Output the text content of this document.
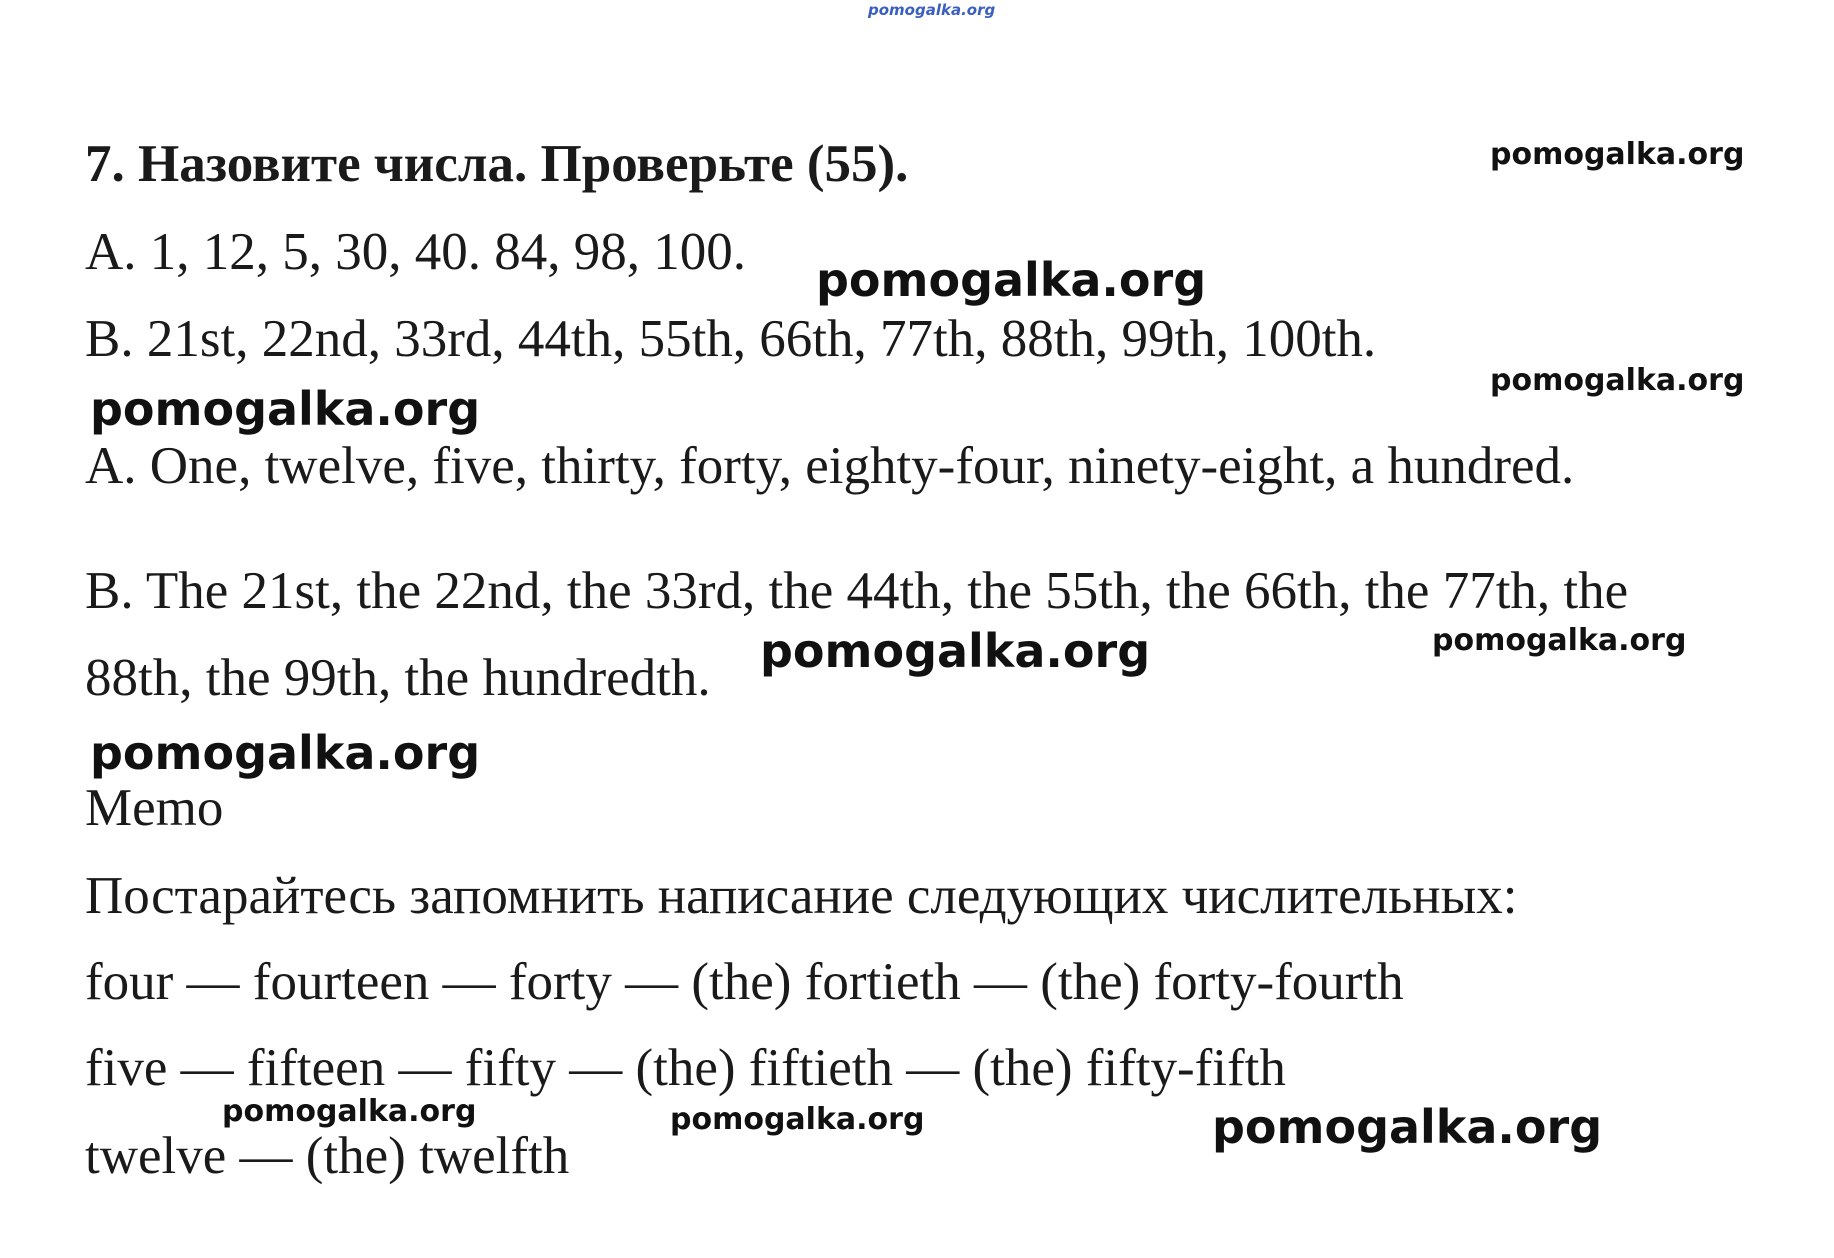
pomogalka.org
pomogalka.org
pomogalka.org
pomogalka.org
pomogalka.org
pomogalka.org	pomogalka.org
pomogalka.org
pomogalka.org	pomogalka.org	pomogalka.org
7. Назовите числа. Проверьте (55).
A. 1, 12, 5, 30, 40. 84, 98, 100.
B. 21st, 22nd, 33rd, 44th, 55th, 66th, 77th, 88th, 99th, 100th.
A. One, twelve, five, thirty, forty, eighty-four, ninety-eight, a hundred.
B. The 21st, the 22nd, the 33rd, the 44th, the 55th, the 66th, the 77th, the
88th, the 99th, the hundredth.
Memo
Постарайтесь запомнить написание следующих числительных:
four — fourteen — forty — (the) fortieth — (the) forty-fourth
five — fifteen — fifty — (the) fiftieth — (the) fifty-fifth
twelve — (the) twelfth
